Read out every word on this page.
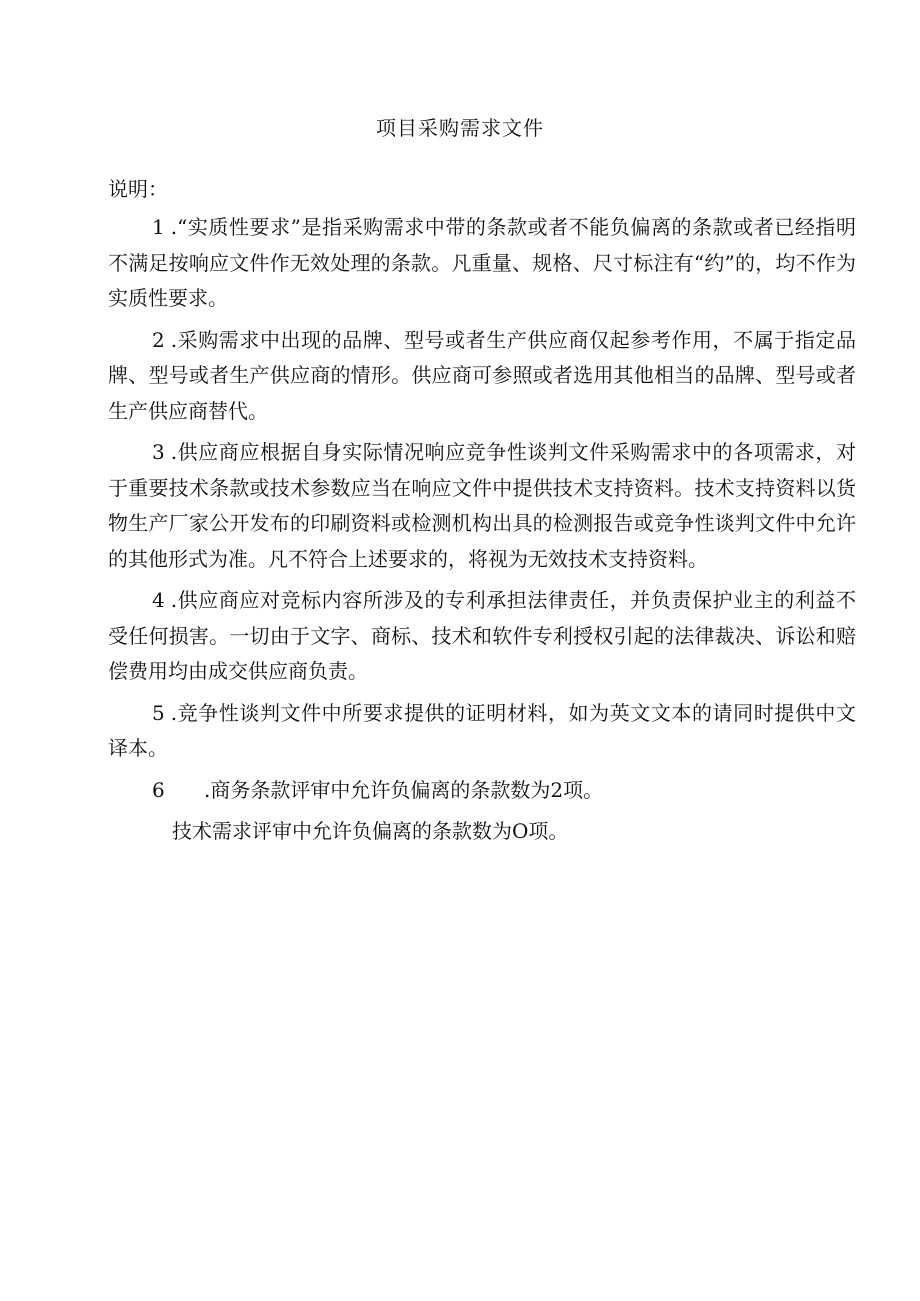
项目采购需求文件
说明：

1 .“实质性要求”是指采购需求中带的条款或者不能负偏离的条款或者已经指明不满足按响应文件作无效处理的条款。凡重量、规格、尺寸标注有“约”的，均不作为实质性要求。

2 .采购需求中出现的品牌、型号或者生产供应商仅起参考作用，不属于指定品牌、型号或者生产供应商的情形。供应商可参照或者选用其他相当的品牌、型号或者生产供应商替代。

3 .供应商应根据自身实际情况响应竞争性谈判文件采购需求中的各项需求，对于重要技术条款或技术参数应当在响应文件中提供技术支持资料。技术支持资料以货物生产厂家公开发布的印刷资料或检测机构出具的检测报告或竞争性谈判文件中允许的其他形式为准。凡不符合上述要求的，将视为无效技术支持资料。

4 .供应商应对竞标内容所涉及的专利承担法律责任，并负责保护业主的利益不受任何损害。一切由于文字、商标、技术和软件专利授权引起的法律裁决、诉讼和赔偿费用均由成交供应商负责。

5 .竞争性谈判文件中所要求提供的证明材料，如为英文文本的请同时提供中文译本。

6 .商务条款评审中允许负偏离的条款数为2项。

技术需求评审中允许负偏离的条款数为O项。
